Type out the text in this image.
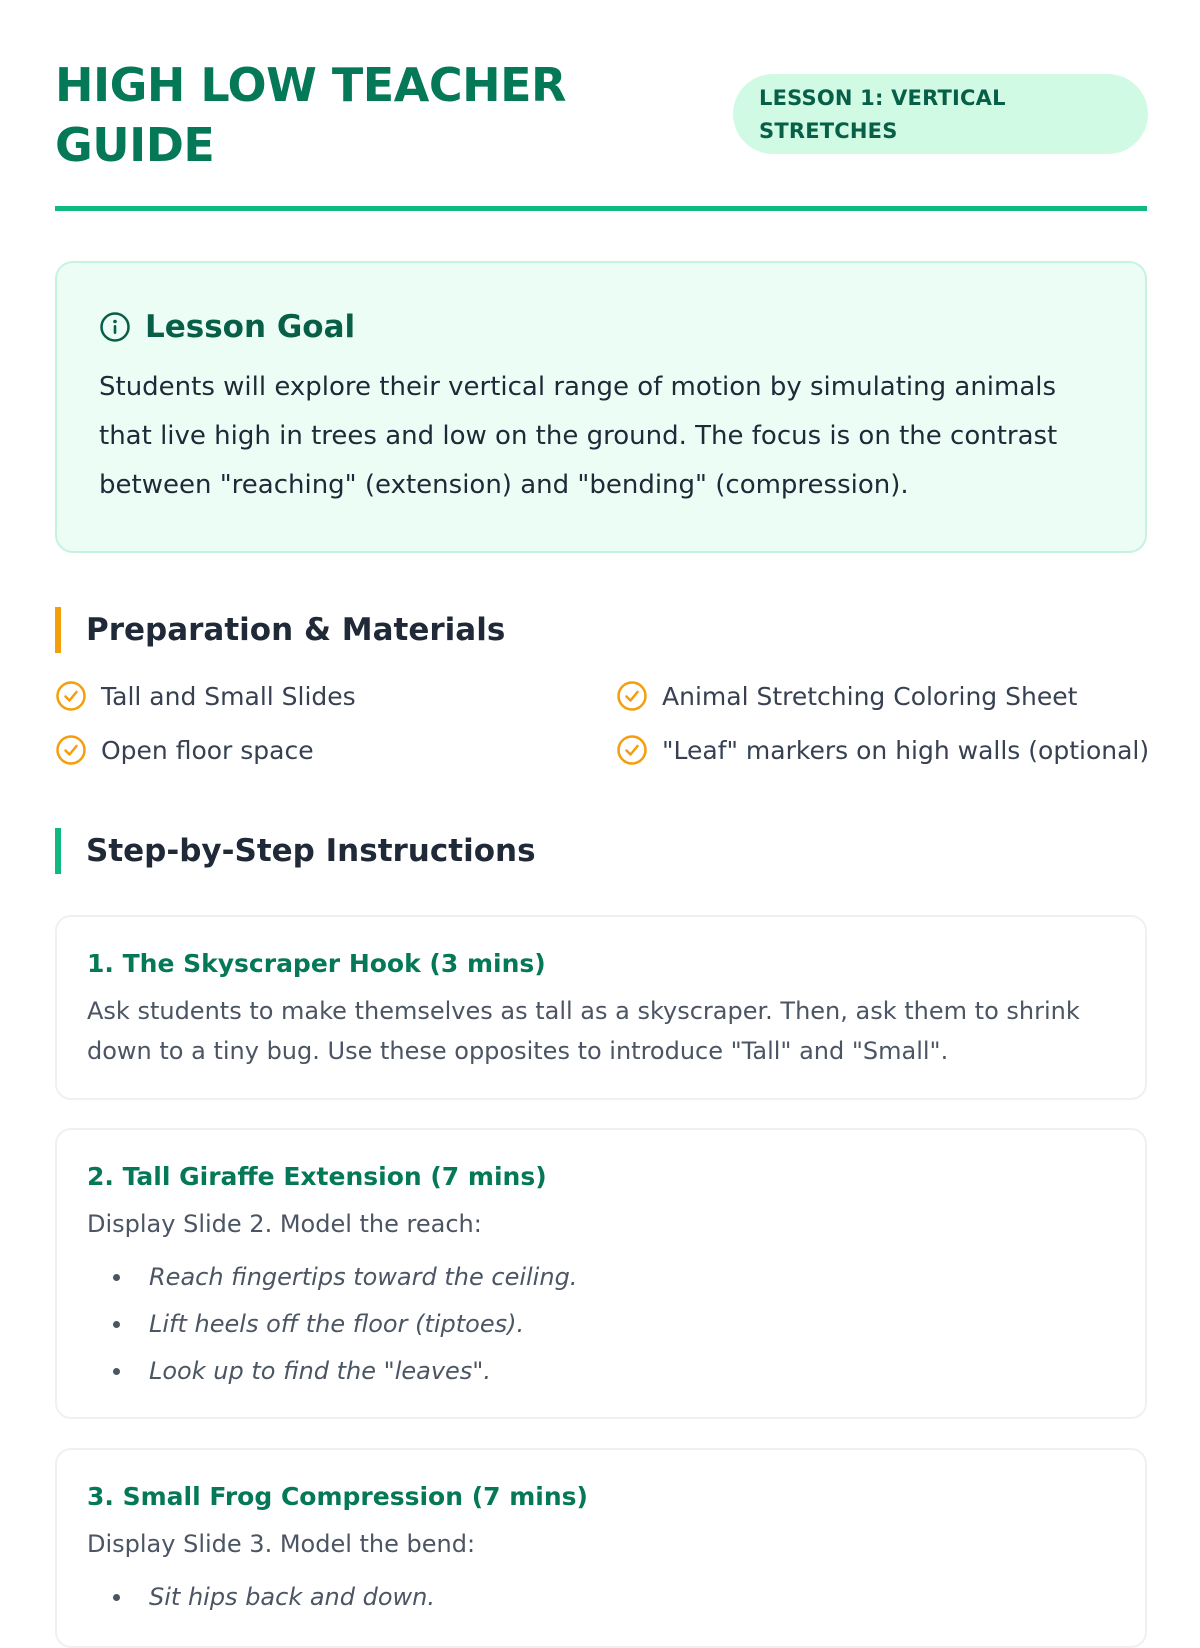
HIGH LOW TEACHER GUIDE
LESSON 1: VERTICAL STRETCHES
Lesson Goal

Students will explore their vertical range of motion by simulating animals that live high in trees and low on the ground. The focus is on the contrast between "reaching" (extension) and "bending" (compression).

Preparation & Materials
Tall and Small Slides	Animal Stretching Coloring Sheet
Open floor space	"Leaf" markers on high walls (optional)
Step-by-Step Instructions
1. The Skyscraper Hook (3 mins)

Ask students to make themselves as tall as a skyscraper. Then, ask them to shrink down to a tiny bug. Use these opposites to introduce "Tall" and "Small".

2. Tall Giraffe Extension (7 mins)

Display Slide 2. Model the reach:

Reach fingertips toward the ceiling.
Lift heels off the floor (tiptoes).
Look up to find the "leaves".
3. Small Frog Compression (7 mins)

Display Slide 3. Model the bend:

Sit hips back and down.
